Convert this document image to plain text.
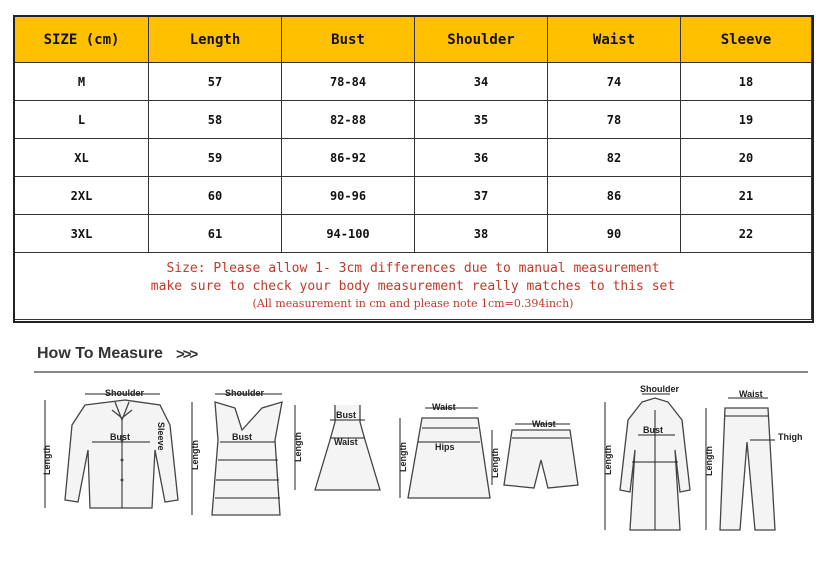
SIZE (cm)	Length	Bust	Shoulder	Waist	Sleeve
M	57	78-84	34	74	18
L	58	82-88	35	78	19
XL	59	86-92	36	82	20
2XL	60	90-96	37	86	21
3XL	61	94-100	38	90	22

Size: Please allow 1- 3cm differences due to manual measurement
make sure to check your body measurement really matches to this set
(All measurement in cm and please note 1cm=0.394inch)					
How To Measure >>>
Shoulder
Bust
Length
Sleeve
Shoulder
Bust
Length
Bust
Waist
Length
Waist
Hips
Length
Waist
Length
Shoulder
Bust
Length
Waist
Thigh
Length
